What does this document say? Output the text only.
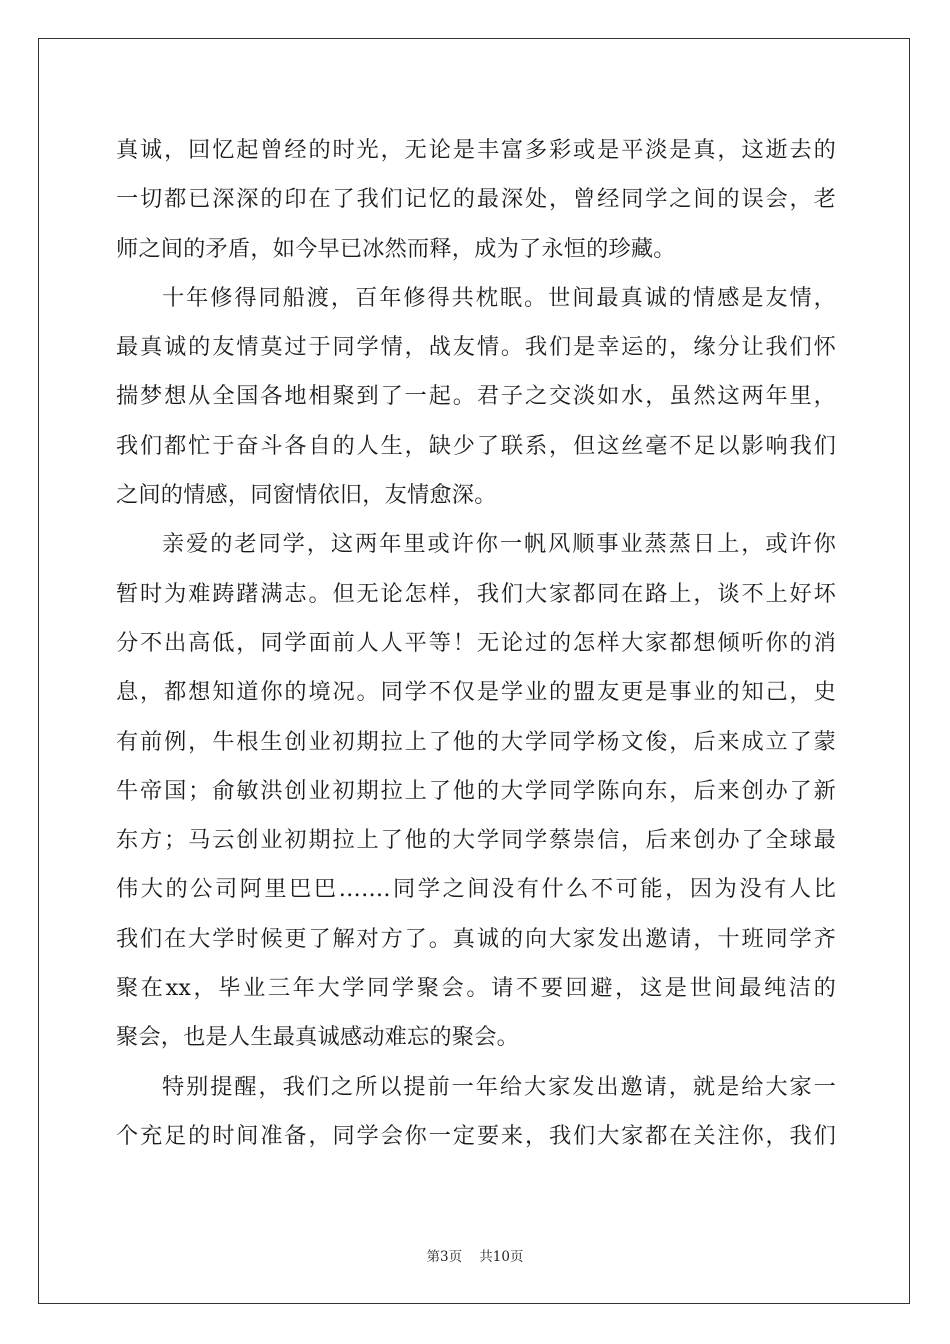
真诚，回忆起曾经的时光，无论是丰富多彩或是平淡是真，这逝去的
一切都已深深的印在了我们记忆的最深处，曾经同学之间的误会，老
师之间的矛盾，如今早已冰然而释，成为了永恒的珍藏。
十年修得同船渡，百年修得共枕眠。世间最真诚的情感是友情，
最真诚的友情莫过于同学情，战友情。我们是幸运的，缘分让我们怀
揣梦想从全国各地相聚到了一起。君子之交淡如水，虽然这两年里，
我们都忙于奋斗各自的人生，缺少了联系，但这丝毫不足以影响我们
之间的情感，同窗情依旧，友情愈深。
亲爱的老同学，这两年里或许你一帆风顺事业蒸蒸日上，或许你
暂时为难踌躇满志。但无论怎样，我们大家都同在路上，谈不上好坏
分不出高低，同学面前人人平等！无论过的怎样大家都想倾听你的消
息，都想知道你的境况。同学不仅是学业的盟友更是事业的知己，史
有前例，牛根生创业初期拉上了他的大学同学杨文俊，后来成立了蒙
牛帝国；俞敏洪创业初期拉上了他的大学同学陈向东，后来创办了新
东方；马云创业初期拉上了他的大学同学蔡崇信，后来创办了全球最
伟大的公司阿里巴巴…….同学之间没有什么不可能，因为没有人比
我们在大学时候更了解对方了。真诚的向大家发出邀请，十班同学齐
聚在xx，毕业三年大学同学聚会。请不要回避，这是世间最纯洁的
聚会，也是人生最真诚感动难忘的聚会。
特别提醒，我们之所以提前一年给大家发出邀请，就是给大家一
个充足的时间准备，同学会你一定要来，我们大家都在关注你，我们
第3页    共10页
